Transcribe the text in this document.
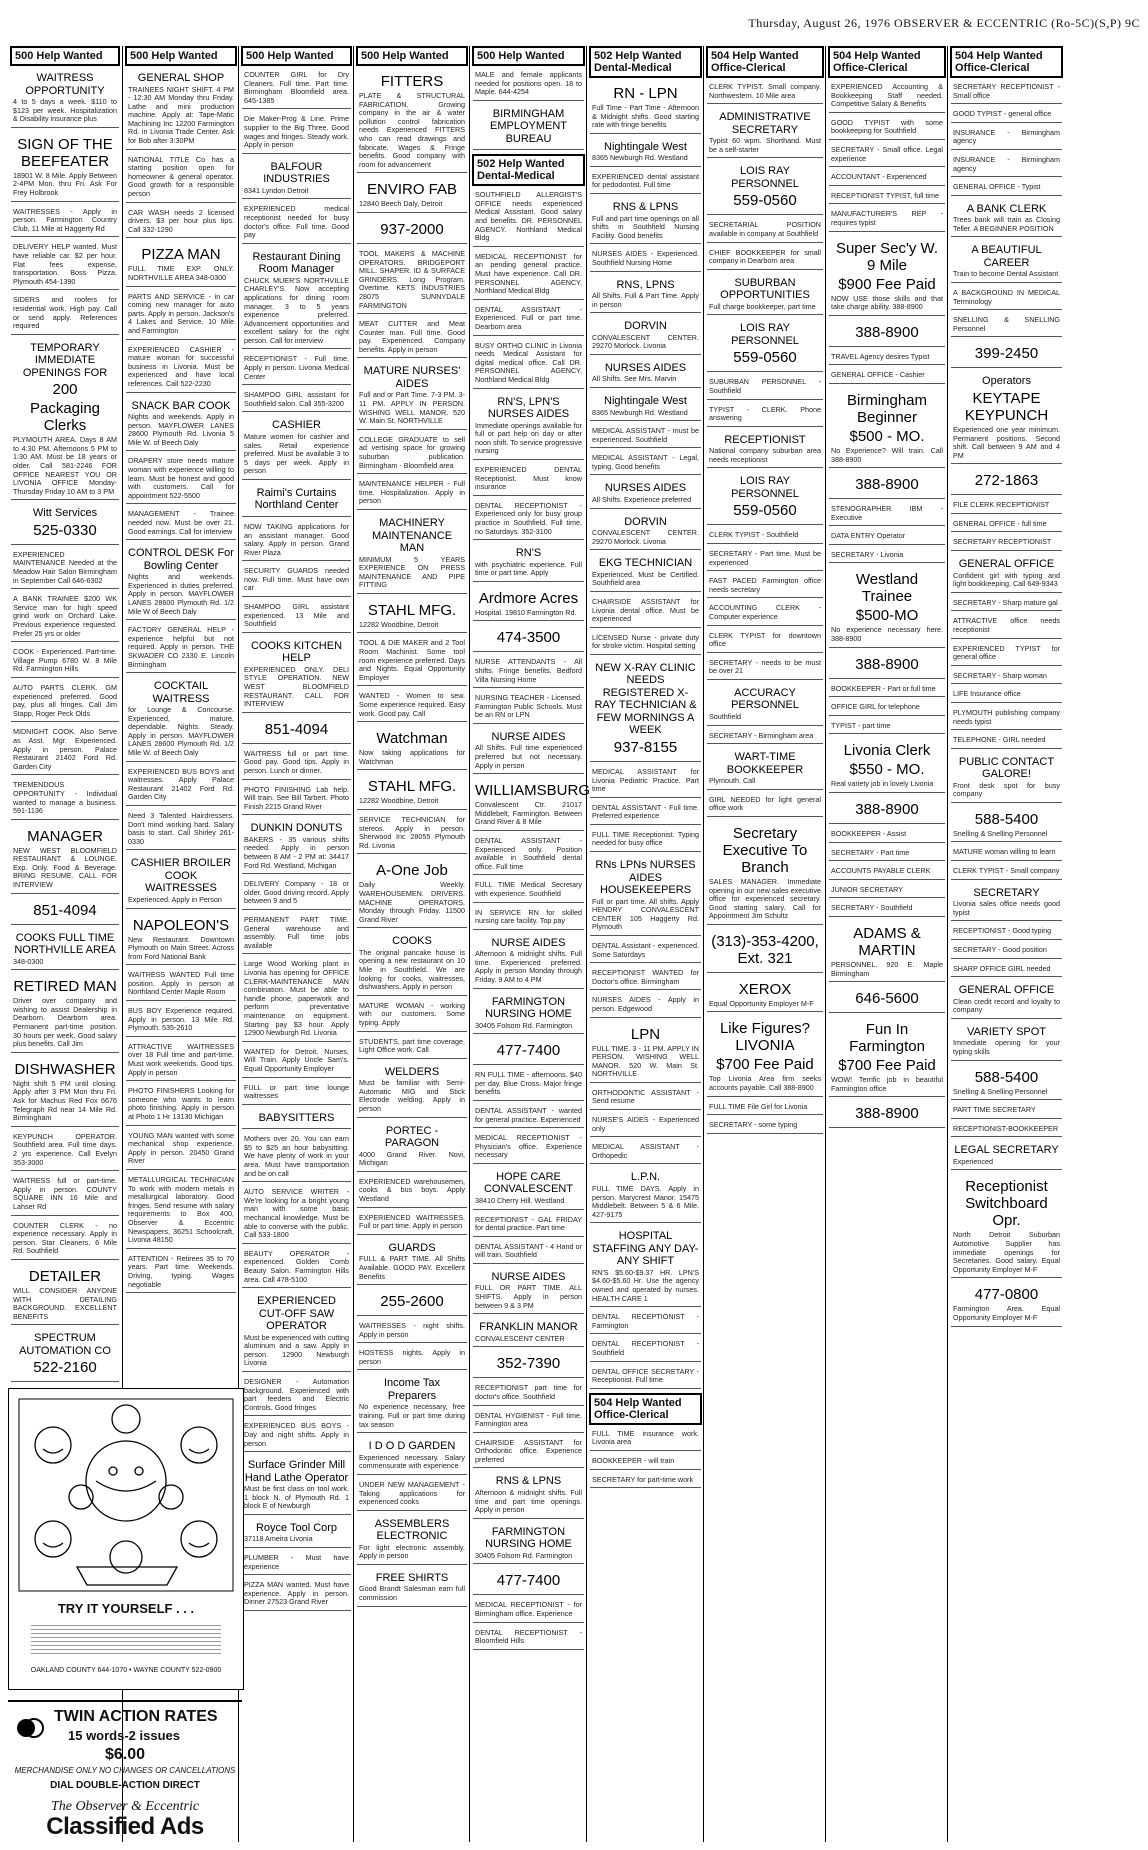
Thursday, August 26, 1976 OBSERVER & ECCENTRIC (Ro-5C)(S,P) 9C
500 Help Wanted
WAITRESS OPPORTUNITY
4 to 5 days a week. $110 to $123 per week. Hospitalization & Disability insurance plus
SIGN OF THE BEEFEATER
18901 W. 8 Mile. Apply Between 2-4PM Mon. thru Fri. Ask For Frey Holbrook
WAITRESSES - Apply in person. Farmington Country Club, 11 Mile at Haggerty Rd
DELIVERY HELP wanted. Must have reliable car. $2 per hour. Flat fees expense, transportation. Boss Pizza. Plymouth 454-1390
SIDERS and roofers for residential work. High pay. Call or send apply. References required
TEMPORARY IMMEDIATE OPENINGS FOR
200
Packaging Clerks
PLYMOUTH AREA. Days 8 AM to 4:30 PM. Afternoons 5 PM to 1:30 AM. Must be 18 years or older. Call 581-2246 FOR OFFICE NEAREST YOU OR LIVONIA OFFICE Monday-Thursday Friday 10 AM to 3 PM
Witt Services
525-0330
EXPERIENCED MAINTENANCE Needed at the Meadow Hair Salon Birmingham in September Call 646-6302
A BANK TRAINEE $200 WK Service man for high speed grind work on Orchard Lake. Previous experience requested. Prefer 25 yrs or older
COOK - Experienced. Part-time. Village Pump 6780 W. 8 Mile Rd. Farmington Hills
AUTO PARTS CLERK. GM experienced preferred. Good pay, plus all fringes. Call Jim Stapp, Roger Peck Olds
MIDNIGHT COOK. Also Serve as Asst. Mgr. Experienced. Apply in person. Palace Restaurant 21402 Ford Rd. Garden City
TREMENDOUS OPPORTUNITY - Individual wanted to manage a business. 591-1136
MANAGER
NEW WEST BLOOMFIELD RESTAURANT & LOUNGE. Exp. Only. Food & Beverage. BRING RESUME. CALL FOR INTERVIEW
851-4094
COOKS FULL TIME NORTHVILLE AREA
348-0300
RETIRED MAN
Driver over company and wishing to assist Dealership in Dearborn. Dearborn area. Permanent part-time position. 30 hours per week. Good salary plus benefits. Call Jim
DISHWASHER
Night shift 5 PM until closing. Apply after 3 PM Mon thru Fri. Ask for Machus Red Fox 6676 Telegraph Rd near 14 Mile Rd. Birmingham
KEYPUNCH OPERATOR. Southfield area. Full time days. 2 yrs experience. Call Evelyn 353-3000
WAITRESS full or part-time. Apply in person. COUNTY SQUARE INN 16 Mile and Lahser Rd
COUNTER CLERK - no experience necessary. Apply in person. Star Cleaners, 6 Mile Rd. Southfield
DETAILER
WILL CONSIDER ANYONE WITH DETAILING BACKGROUND. EXCELLENT BENEFITS
SPECTRUM AUTOMATION CO
522-2160
500 Help Wanted
GENERAL SHOP
TRAINEES NIGHT SHIFT. 4 PM - 12:30 AM Monday thru Friday. Lathe and mini production machine. Apply at: Tape-Matic Machining Inc 12200 Farmington Rd. in Livonia Trade Center. Ask for Bob after 3:30PM
NATIONAL TITLE Co has a starting position open for homeowner & general operator. Good growth for a responsible person
CAR WASH needs 2 licensed drivers. $3 per hour plus tips. Call 332-1290
PIZZA MAN
FULL TIME EXP. ONLY. NORTHVILLE AREA 348-0300
PARTS AND SERVICE - in car coming new manager for auto parts. Apply in person. Jackson's 4 Lakes and Service. 10 Mile and Farmington
EXPERIENCED CASHIER - mature woman for successful business in Livonia. Must be experienced and have local references. Call 522-2230
SNACK BAR COOK
Nights and weekends. Apply in person. MAYFLOWER LANES 28600 Plymouth Rd. Livonia 5 Mile W. of Beech Daly
DRAPERY store needs mature woman with experience willing to learn. Must be honest and good with customers. Call for appointment 522-5500
MANAGEMENT - Trainee needed now. Must be over 21. Good earnings. Call for interview
CONTROL DESK For Bowling Center
Nights and weekends. Experienced in duties preferred. Apply in person. MAYFLOWER LANES 28600 Plymouth Rd. 1/2 Mile W of Beech Daly
FACTORY GENERAL HELP - experience helpful but not required. Apply in person. THE SKWADER CO 2330 E. Lincoln Birmingham
COCKTAIL WAITRESS
for Lounge & Concourse. Experienced, mature, dependable. Nights. Steady. Apply in person. MAYFLOWER LANES 28600 Plymouth Rd. 1/2 Mile W. of Beech Daly
EXPERIENCED BUS BOYS and waitresses. Apply Palace Restaurant 21402 Ford Rd. Garden City
Need 3 Talented Hairdressers. Don't mind working hard. Salary basis to start. Call Shirley 261-0330
CASHIER BROILER COOK WAITRESSES
Experienced. Apply in Person
NAPOLEON'S
New Restaurant. Downtown Plymouth on Main Street. Across from Ford National Bank
WAITRESS WANTED Full time position. Apply in person at Northland Center Maple Room
BUS BOY Experience required. Apply in person. 13 Mile Rd. Plymouth. 535-2610
ATTRACTIVE WAITRESSES over 18 Full time and part-time. Must work weekends. Good tips. Apply in person
PHOTO FINISHERS Looking for someone who wants to learn photo finishing. Apply in person at Photo 1 Hr 13130 Michigan
YOUNG MAN wanted with some mechanical shop experience. Apply in person. 20450 Grand River
METALLURGICAL TECHNICIAN To work with modern metals in metallurgical laboratory. Good fringes. Send resume with salary requirements to Box 400, Observer & Eccentric Newspapers, 36251 Schoolcraft, Livonia 48150
ATTENTION - Retirees 35 to 70 years. Part time. Weekends. Driving, typing. Wages negotiable
500 Help Wanted
COUNTER GIRL for Dry Cleaners. Full time. Part time. Birmingham Bloomfield area. 645-1385
Die Maker-Prog & Line. Prime supplier to the Big Three. Good wages and fringes. Steady work. Apply in person
BALFOUR INDUSTRIES
8341 Lyndon Detroit
EXPERIENCED medical receptionist needed for busy doctor's office. Full time. Good pay
Restaurant Dining Room Manager
CHUCK MUER'S NORTHVILLE CHARLEY'S. Now accepting applications for dining room manager. 3 to 5 years experience preferred. Advancement opportunities and excellent salary for the right person. Call for interview
RECEPTIONIST - Full time. Apply in person. Livonia Medical Center
SHAMPOO GIRL assistant for Southfield salon. Call 355-3200
CASHIER
Mature women for cashier and sales. Retail experience preferred. Must be available 3 to 5 days per week. Apply in person
Raimi's Curtains Northland Center
NOW TAKING applications for an assistant manager. Good salary. Apply in person. Grand River Plaza
SECURITY GUARDS needed now. Full time. Must have own car
SHAMPOO GIRL assistant experienced. 13 Mile and Southfield
COOKS KITCHEN HELP
EXPERIENCED ONLY. DELI STYLE OPERATION. NEW WEST BLOOMFIELD RESTAURANT. CALL FOR INTERVIEW
851-4094
WAITRESS full or part time. Good pay. Good tips. Apply in person. Lunch or dinner.
PHOTO FINISHING Lab help. Will train. See Bill Tarbert. Photo Finish 2215 Grand River
DUNKIN DONUTS
BAKERS - 35 various shifts needed. Apply in person between 8 AM - 2 PM at: 34417 Ford Rd. Westland, Michigan
DELIVERY Company - 18 or older. Good driving record. Apply between 9 and 5
PERMANENT PART TIME. General warehouse and assembly. Full time jobs available
Large Wood Working plant in Livonia has opening for OFFICE CLERK-MAINTENANCE MAN combination. Must be able to handle phone, paperwork and perform preventative maintenance on equipment. Starting pay $3 hour. Apply 12900 Newburgh Rd. Livonia
WANTED for Detroit. Nurses, Will Train. Apply Uncle Sam's. Equal Opportunity Employer
FULL or part time lounge waitresses
BABYSITTERS
Mothers over 20. You can earn $5 to $25 an hour babysitting. We have plenty of work in your area. Must have transportation and be on call
AUTO SERVICE WRITER - We're looking for a bright young man with some basic mechanical knowledge. Must be able to converse with the public. Call 533-1800
BEAUTY OPERATOR - experienced. Golden Comb Beauty Salon. Farmington Hills area. Call 478-5100
EXPERIENCED CUT-OFF SAW OPERATOR
Must be experienced with cutting aluminum and a saw. Apply in person. 12900 Newburgh Livonia
DESIGNER - Automation background. Experienced with part feeders and Electric Controls. Good fringes
EXPERIENCED BUS BOYS - Day and night shifts. Apply in person
Surface Grinder Mill Hand Lathe Operator
Must be first class on tool work. 1 block N. of Plymouth Rd. 1 block E of Newburgh
Royce Tool Corp
37118 Ameira Livonia
PLUMBER - Must have experience
PIZZA MAN wanted. Must have experience. Apply in person. Dinner 27523 Grand River
500 Help Wanted
FITTERS
PLATE & STRUCTURAL FABRICATION. Growing company in the air & water pollution control fabrication needs Experienced FITTERS who can read drawings and fabricate. Wages & Fringe benefits. Good company with room for advancement
ENVIRO FAB
12840 Beech Daly, Detroit
937-2000
TOOL MAKERS & MACHINE OPERATORS. BRIDGEPORT MILL. SHAPER. ID & SURFACE GRINDERS. Long Program. Overtime. KETS INDUSTRIES 28075 SUNNYDALE FARMINGTON
MEAT CUTTER and Meat Counter man. Full time. Good pay. Experienced. Company benefits. Apply in person
MATURE NURSES' AIDES
Full and or Part Time. 7-3 PM. 3-11 PM. APPLY IN PERSON. WISHING WELL MANOR. 520 W. Main St. NORTHVILLE
COLLEGE GRADUATE to sell ad vertising space for growing suburban publication. Birmingham - Bloomfield area
MAINTENANCE HELPER - Full time. Hospitalization. Apply in person
MACHINERY MAINTENANCE MAN
MINIMUM 5 YEARS EXPERIENCE ON PRESS MAINTENANCE AND PIPE FITTING
STAHL MFG.
12282 Woodbine, Detroit
TOOL & DIE MAKER and 2 Tool Room Machinist. Some tool room experience preferred. Days and Nights. Equal Opportunity Employer
WANTED - Women to sew. Some experience required. Easy work. Good pay. Call
Watchman
Now taking applications for Watchman
STAHL MFG.
12282 Woodbine, Detroit
SERVICE TECHNICIAN for stereos. Apply in person. Sherwood Inc 28055 Plymouth Rd. Livonia
A-One Job
Daily Weekly. WAREHOUSEMEN. DRIVERS. MACHINE OPERATORS. Monday through Friday. 11500 Grand River
COOKS
The original pancake house is opening a new restaurant on 10 Mile in Southfield. We are looking for cooks, waitresses, dishwashers. Apply in person
MATURE WOMAN - working with our customers. Some typing. Apply
STUDENTS, part time coverage. Light Office work. Call
WELDERS
Must be familiar with Semi-Automatic MIG and Stick Electrode welding. Apply in person
PORTEC - PARAGON
4000 Grand River. Novi, Michigan
EXPERIENCED warehousemen, cooks & bus boys. Apply Westland
EXPERIENCED WAITRESSES. Full or part time. Apply in person
GUARDS
FULL & PART TIME. All Shifts Available. GOOD PAY. Excellent Benefits
255-2600
WAITRESSES - night shifts. Apply in person
HOSTESS nights. Apply in person
Income Tax Preparers
No experience necessary, free training. Full or part time during tax season
I D O D GARDEN
Experienced necessary. Salary commensurate with experience
UNDER NEW MANAGEMENT - Taking applications for experienced cooks
ASSEMBLERS ELECTRONIC
For light electronic assembly. Apply in person
FREE SHIRTS
Good Brandt Salesman earn full commission
500 Help Wanted
MALE and female applicants needed for positions open. 18 to Maple. 644-4254
BIRMINGHAM EMPLOYMENT BUREAU
502 Help Wanted Dental-Medical
SOUTHFIELD ALLERGIST'S OFFICE needs experienced Medical Assistant. Good salary and benefits. DR. PERSONNEL AGENCY. Northland Medical Bldg
MEDICAL RECEPTIONIST for an pending general practice. Must have experience. Call DR. PERSONNEL AGENCY. Northland Medical Bldg
DENTAL ASSISTANT - Experienced. Full or part time. Dearborn area
BUSY ORTHO CLINIC in Livonia needs Medical Assistant for digital medical office. Call DR. PERSONNEL AGENCY. Northland Medical Bldg
RN'S, LPN'S NURSES AIDES
Immediate openings available for full or part help on day or after noon shift. To service progressive nursing
EXPERIENCED DENTAL Receptionist. Must know insurance
DENTAL RECEPTIONIST - Experienced only for busy group practice in Southfield. Full time, no Saturdays. 352-3100
RN'S
with psychiatric experience. Full time or part time. Apply
Ardmore Acres
Hospital. 19810 Farmington Rd.
474-3500
NURSE ATTENDANTS - All shifts. Fringe benefits. Bedford Villa Nursing Home
NURSING TEACHER - Licensed. Farmington Public Schools. Must be an RN or LPN
NURSE AIDES
All Shifts. Full time experienced preferred but not necessary. Apply in person
WILLIAMSBURG
Convalescent Ctr. 21017 Middlebelt, Farmington. Between Grand River & 8 Mile
DENTAL ASSISTANT - Experienced only. Position available in Southfield dental office. Full time
FULL TIME Medical Secretary with experience. Southfield
IN SERVICE RN for skilled nursing care facility. Top pay
NURSE AIDES
Afternoon & midnight shifts. Full time. Experienced preferred. Apply in person Monday through Friday. 9 AM to 4 PM
FARMINGTON NURSING HOME
30405 Folsom Rd. Farmington
477-7400
RN FULL TIME - afternoons. $40 per day. Blue Cross. Major fringe benefits
DENTAL ASSISTANT - wanted for general practice. Experienced
MEDICAL RECEPTIONIST - Physician's office. Experience necessary
HOPE CARE CONVALESCENT
38410 Cherry Hill. Westland
RECEPTIONIST - GAL FRIDAY for dental practice. Part time
DENTAL ASSISTANT - 4 Hand or will train. Southfield
NURSE AIDES
FULL OR PART TIME. ALL SHIFTS. Apply in person between 9 & 3 PM
FRANKLIN MANOR
CONVALESCENT CENTER
352-7390
RECEPTIONIST part time for doctor's office. Southfield
DENTAL HYGIENIST - Full time. Farmington area
CHAIRSIDE ASSISTANT for Orthodontic office. Experience preferred
RNS & LPNS
Afternoon & midnight shifts. Full time and part time openings. Apply in person
FARMINGTON NURSING HOME
30405 Folsom Rd. Farmington
477-7400
MEDICAL RECEPTIONIST - for Birmingham office. Experience
DENTAL RECEPTIONIST - Bloomfield Hills
502 Help Wanted Dental-Medical
RN - LPN
Full Time - Part Time - Afternoon & Midnight shifts. Good starting rate with fringe benefits
Nightingale West
8365 Newburgh Rd. Westland
EXPERIENCED dental assistant for pedodontist. Full time
RNS & LPNS
Full and part time openings on all shifts in Southfield Nursing Facility. Good benefits
NURSES AIDES - Experienced. Southfield Nursing Home
RNS, LPNS
All Shifts. Full & Part Time. Apply in person
DORVIN
CONVALESCENT CENTER. 29270 Morlock. Livonia
NURSES AIDES
All Shifts. See Mrs. Marvin
Nightingale West
8365 Newburgh Rd. Westland
MEDICAL ASSISTANT - must be experienced. Southfield
MEDICAL ASSISTANT - Legal, typing. Good benefits
NURSES AIDES
All Shifts. Experience preferred
DORVIN
CONVALESCENT CENTER. 29270 Morlock. Livonia
EKG TECHNICIAN
Experienced. Must be Certified. Southfield area
CHAIRSIDE ASSISTANT for Livonia dental office. Must be experienced
LICENSED Nurse - private duty for stroke victim. Hospital setting
NEW X-RAY CLINIC NEEDS REGISTERED X-RAY TECHNICIAN & FEW MORNINGS A WEEK
937-8155
MEDICAL ASSISTANT for Livonia Pediatric Practice. Part time
DENTAL ASSISTANT - Full time. Preferred experience
FULL TIME Receptionist. Typing needed for busy office
RNs LPNs NURSES AIDES HOUSEKEEPERS
Full or part time. All shifts. Apply HENDRY CONVALESCENT CENTER 105 Haggerty Rd. Plymouth
DENTAL Assistant - experienced. Some Saturdays
RECEPTIONIST WANTED for Doctor's office. Birmingham
NURSES AIDES - Apply in person. Edgewood
LPN
FULL TIME. 3 - 11 PM. APPLY IN PERSON. WISHING WELL MANOR. 520 W. Main St. NORTHVILLE
ORTHODONTIC ASSISTANT - Send resume
NURSE'S AIDES - Experienced only
MEDICAL ASSISTANT - Orthopedic
L.P.N.
FULL TIME DAYS. Apply in person. Marycrest Manor. 15475 Middlebelt. Between 5 & 6 Mile. 427-9175
HOSPITAL STAFFING ANY DAY-ANY SHIFT
RN'S $5.60-$9.37 HR. LPN'S $4.60-$5.60 Hr. Use the agency owned and operated by nurses. HEALTH CARE 1
DENTAL RECEPTIONIST - Farmington
DENTAL RECEPTIONIST - Southfield
DENTAL OFFICE SECRETARY - Receptionist. Full time
504 Help Wanted Office-Clerical
FULL TIME insurance work. Livonia area
BOOKKEEPER - will train
SECRETARY for part-time work
504 Help Wanted Office-Clerical
CLERK TYPIST. Small company. Northwestern. 10 Mile area
ADMINISTRATIVE SECRETARY
Typist 60 wpm. Shorthand. Must be a self-starter
LOIS RAY PERSONNEL
559-0560
SECRETARIAL POSITION available in company at Southfield
CHIEF BOOKKEEPER for small company in Dearborn area
SUBURBAN OPPORTUNITIES
Full charge bookkeeper, part time
LOIS RAY PERSONNEL
559-0560
SUBURBAN PERSONNEL - Southfield
TYPIST - CLERK. Phone answering
RECEPTIONIST
National company suburban area needs receptionist
LOIS RAY PERSONNEL
559-0560
CLERK TYPIST - Southfield
SECRETARY - Part time. Must be experienced
FAST PACED Farmington office needs secretary
ACCOUNTING CLERK - Computer experience
CLERK TYPIST for downtown office
SECRETARY - needs to be must be over 21
ACCURACY PERSONNEL
Southfield
SECRETARY - Birmingham area
WART-TIME BOOKKEEPER
Plymouth. Call
GIRL NEEDED for light general office work
Secretary Executive To Branch
SALES MANAGER. Immediate opening in our new sales executive office for experienced secretary. Good starting salary. Call for Appointment Jim Schultz
(313)-353-4200, Ext. 321
XEROX
Equal Opportunity Employer M-F
Like Figures? LIVONIA
$700 Fee Paid
Top Livonia Area firm seeks accounts payable. Call 388-8900
FULL TIME File Girl for Livonia
SECRETARY - some typing
504 Help Wanted Office-Clerical
EXPERIENCED Accounting & Bookkeeping Staff needed. Competitive Salary & Benefits
GOOD TYPIST with some bookkeeping for Southfield
SECRETARY - Small office. Legal experience
ACCOUNTANT - Experienced
RECEPTIONIST TYPIST, full time
MANUFACTURER'S REP - requires typist
Super Sec'y W. 9 Mile
$900 Fee Paid
NOW USE those skills and that take charge ability. 388-8900
388-8900
TRAVEL Agency desires Typist
GENERAL OFFICE - Cashier
Birmingham Beginner
$500 - MO.
No Experience? Will train. Call 388-8900
388-8900
STENOGRAPHER IBM - Executive
DATA ENTRY Operator
SECRETARY - Livonia
Westland Trainee
$500-MO
No experience necessary here. 388-8900
388-8900
BOOKKEEPER - Part or full time
OFFICE GIRL for telephone
TYPIST - part time
Livonia Clerk
$550 - MO.
Real variety job in lovely Livonia
388-8900
BOOKKEEPER - Assist
SECRETARY - Part time
ACCOUNTS PAYABLE CLERK
JUNIOR SECRETARY
SECRETARY - Southfield
ADAMS & MARTIN
PERSONNEL. 920 E. Maple Birmingham
646-5600
Fun In Farmington
$700 Fee Paid
WOW! Terrific job in beautiful Farmington office
388-8900
504 Help Wanted Office-Clerical
SECRETARY RECEPTIONIST - Small office
GOOD TYPIST - general office
INSURANCE - Birmingham agency
INSURANCE - Birmingham agency
GENERAL OFFICE - Typist
A BANK CLERK
Trees bank will train as Closing Teller. A BEGINNER POSITION
A BEAUTIFUL CAREER
Train to become Dental Assistant
A BACKGROUND IN MEDICAL Terminology
SNELLING & SNELLING Personnel
399-2450
Operators
KEYTAPE KEYPUNCH
Experienced one year minimum. Permanent positions. Second shift. Call between 9 AM and 4 PM
272-1863
FILE CLERK RECEPTIONIST
GENERAL OFFICE - full time
SECRETARY RECEPTIONIST
GENERAL OFFICE
Confident girl with typing and light bookkeeping. Call 649-9343
SECRETARY - Sharp mature gal
ATTRACTIVE office needs receptionist
EXPERIENCED TYPIST for general office
SECRETARY - Sharp woman
LIFE Insurance office
PLYMOUTH publishing company needs typist
TELEPHONE - GIRL needed
PUBLIC CONTACT GALORE!
Front desk spot for busy company
588-5400
Snelling & Snelling Personnel
MATURE woman willing to learn
CLERK TYPIST - Small company
SECRETARY
Livonia sales office needs good typist
RECEPTIONIST - Good typing
SECRETARY - Good position
SHARP OFFICE GIRL needed
GENERAL OFFICE
Clean credit record and loyalty to company
VARIETY SPOT
Immediate opening for your typing skills
588-5400
Snelling & Snelling Personnel
PART TIME SECRETARY
RECEPTIONIST-BOOKKEEPER
LEGAL SECRETARY
Experienced
Receptionist Switchboard Opr.
North Detroit Suburban Automotive Supplier has immediate openings for Secretaries. Good salary. Equal Opportunity Employer M-F
477-0800
Farmington Area. Equal Opportunity Employer M-F
TRY IT YOURSELF . . .
OAKLAND COUNTY 644-1070 • WAYNE COUNTY 522-0900
TWIN ACTION RATES
15 words-2 issues
$6.00
MERCHANDISE ONLY NO CHANGES OR CANCELLATIONS
DIAL DOUBLE-ACTION DIRECT
The Observer & Eccentric
Classified Ads
